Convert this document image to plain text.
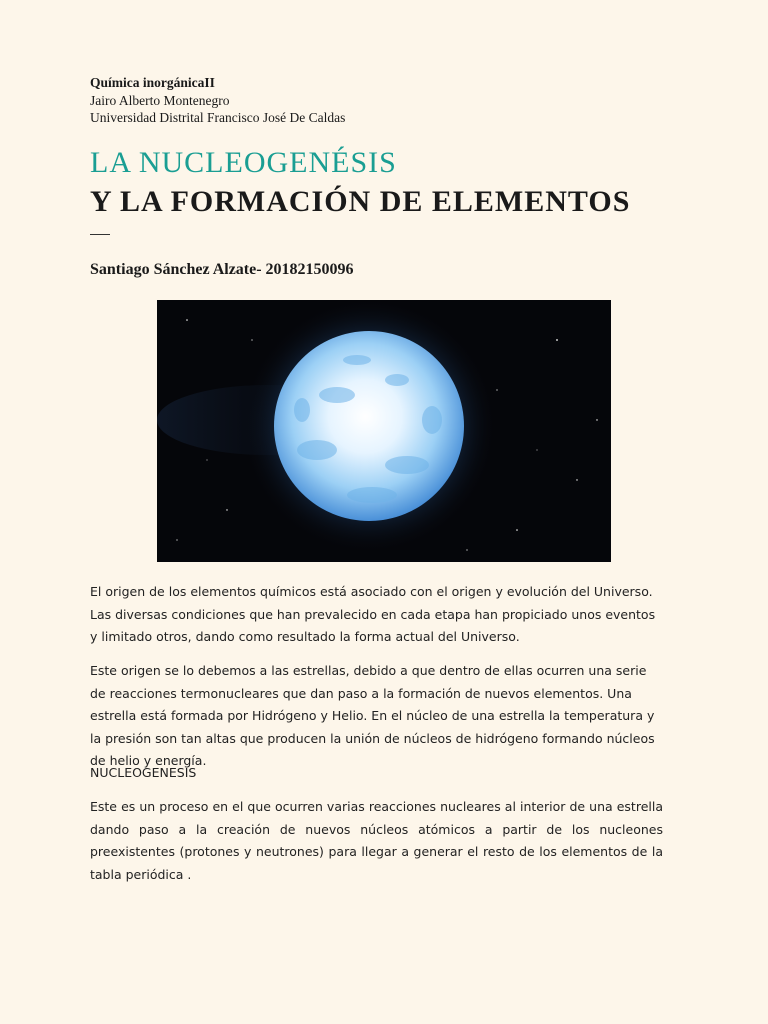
Química inorgánicaII
Jairo Alberto Montenegro
Universidad Distrital Francisco José De Caldas
LA NUCLEOGENÉSIS
Y LA FORMACIÓN DE ELEMENTOS
Santiago Sánchez Alzate- 20182150096
El origen de los elementos químicos está asociado con el origen y evolución del Universo. Las diversas condiciones que han prevalecido en cada etapa han propiciado unos eventos y limitado otros, dando como resultado la forma actual del Universo.
Este origen se lo debemos a las estrellas, debido a que dentro de ellas ocurren una serie de reacciones termonucleares que dan paso a la formación de nuevos elementos. Una estrella está formada por Hidrógeno y Helio. En el núcleo de una estrella la temperatura y la presión son tan altas que producen la unión de núcleos de hidrógeno formando núcleos de helio y energía.
NUCLEOGENESIS
Este es un proceso en el que ocurren varias reacciones nucleares al interior de una estrella dando paso a la creación de nuevos núcleos atómicos a partir de los nucleones preexistentes (protones y neutrones) para llegar a generar el resto de los elementos de la tabla periódica .
